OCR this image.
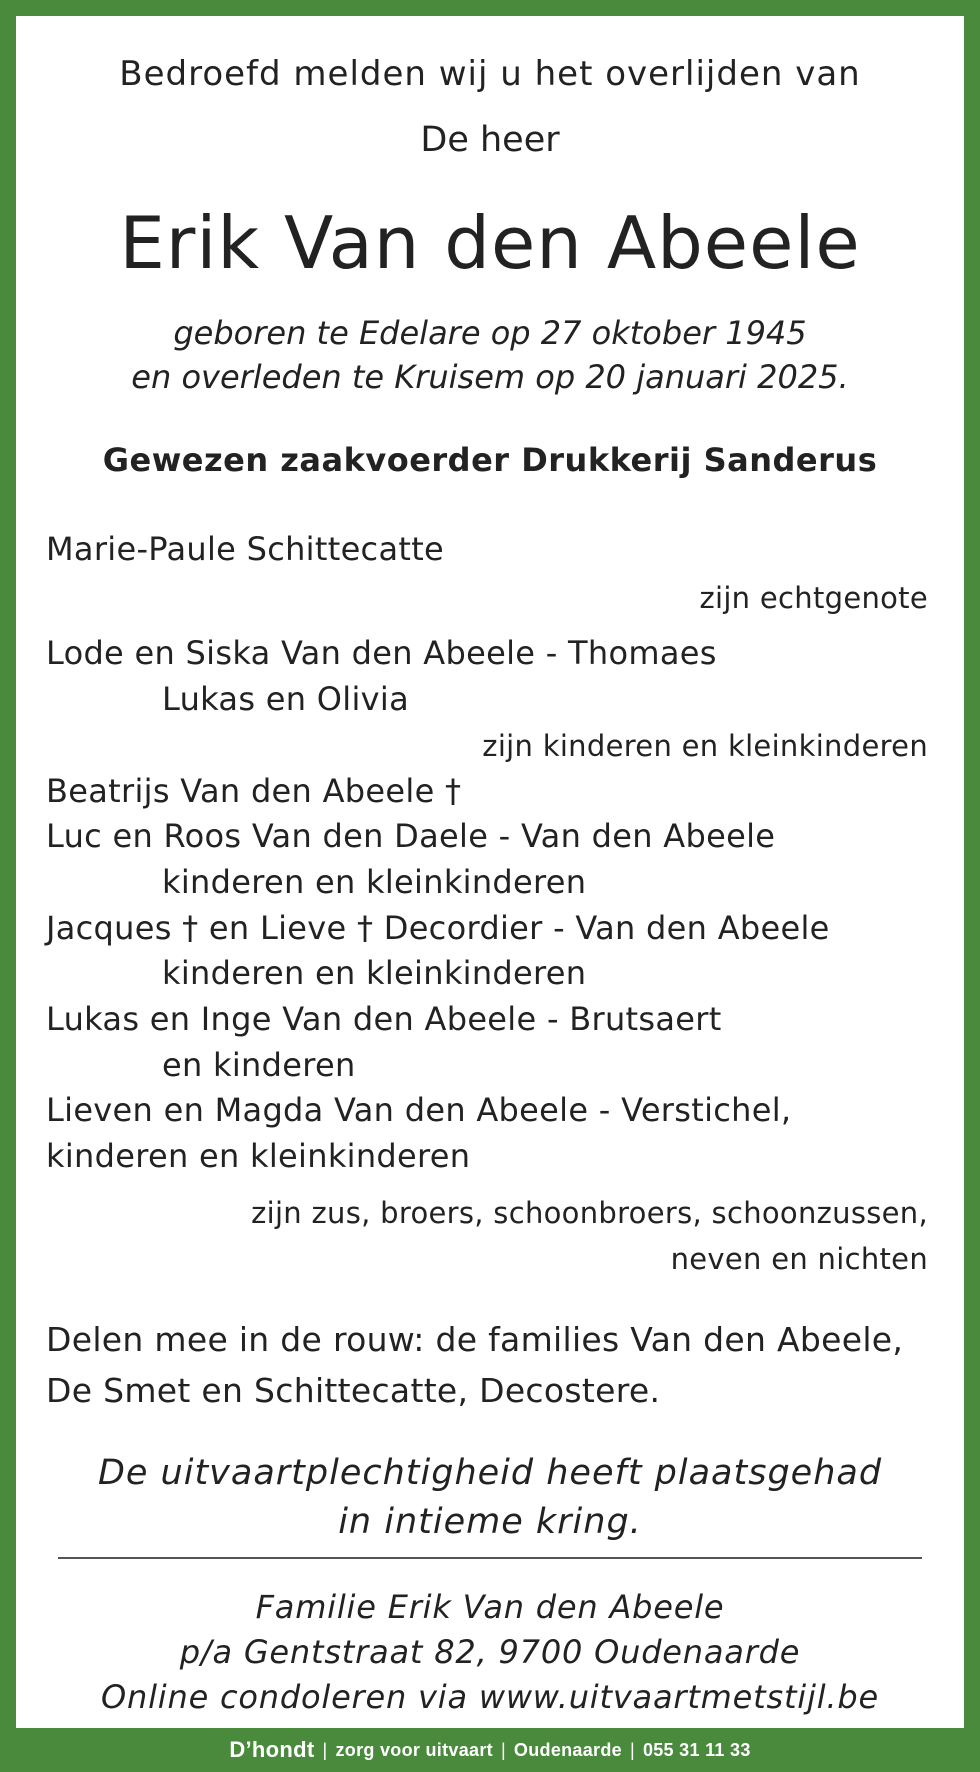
Bedroefd melden wij u het overlijden van
De heer
Erik Van den Abeele
geboren te Edelare op 27 oktober 1945
en overleden te Kruisem op 20 januari 2025.
Gewezen zaakvoerder Drukkerij Sanderus
Marie-Paule Schittecatte
zijn echtgenote
Lode en Siska Van den Abeele - Thomaes
Lukas en Olivia
zijn kinderen en kleinkinderen
Beatrijs Van den Abeele †
Luc en Roos Van den Daele - Van den Abeele
kinderen en kleinkinderen
Jacques † en Lieve † Decordier - Van den Abeele
kinderen en kleinkinderen
Lukas en Inge Van den Abeele - Brutsaert
en kinderen
Lieven en Magda Van den Abeele - Verstichel,
kinderen en kleinkinderen
zijn zus, broers, schoonbroers, schoonzussen,
neven en nichten
Delen mee in de rouw: de families Van den Abeele,
De Smet en Schittecatte, Decostere.
De uitvaartplechtigheid heeft plaatsgehad
in intieme kring.
Familie Erik Van den Abeele
p/a Gentstraat 82, 9700 Oudenaarde
Online condoleren via www.uitvaartmetstijl.be
D’hondt | zorg voor uitvaart | Oudenaarde | 055 31 11 33
